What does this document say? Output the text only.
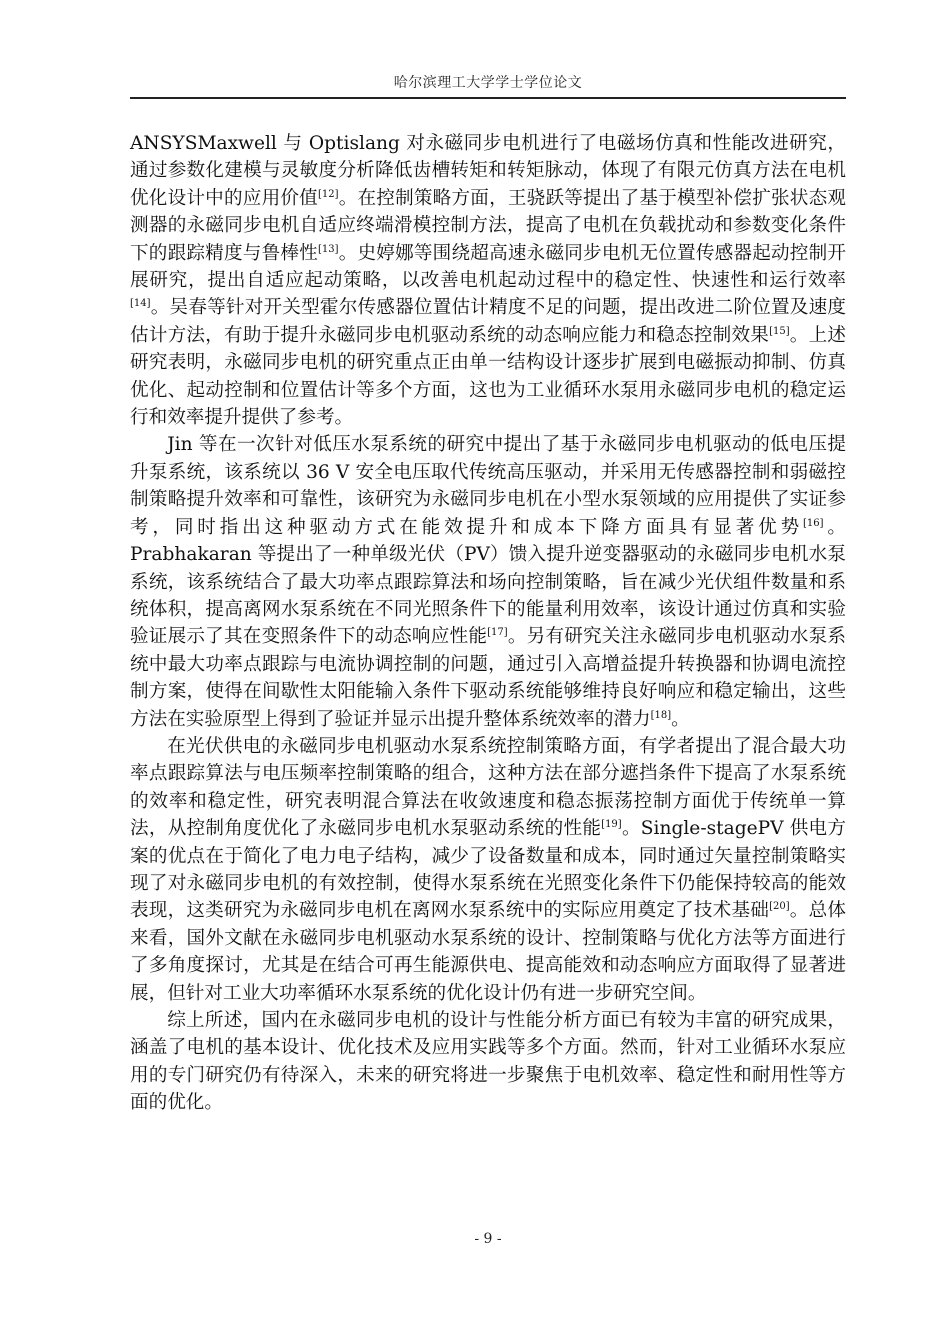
哈尔滨理工大学学士学位论文

ANSYSMaxwell 与 Optislang 对永磁同步电机进行了电磁场仿真和性能改进研究，通过参数化建模与灵敏度分析降低齿槽转矩和转矩脉动，体现了有限元仿真方法在电机优化设计中的应用价值[12]。在控制策略方面，王骁跃等提出了基于模型补偿扩张状态观测器的永磁同步电机自适应终端滑模控制方法，提高了电机在负载扰动和参数变化条件下的跟踪精度与鲁棒性[13]。史婷娜等围绕超高速永磁同步电机无位置传感器起动控制开展研究，提出自适应起动策略，以改善电机起动过程中的稳定性、快速性和运行效率[14]。吴春等针对开关型霍尔传感器位置估计精度不足的问题，提出改进二阶位置及速度估计方法，有助于提升永磁同步电机驱动系统的动态响应能力和稳态控制效果[15]。上述研究表明，永磁同步电机的研究重点正由单一结构设计逐步扩展到电磁振动抑制、仿真优化、起动控制和位置估计等多个方面，这也为工业循环水泵用永磁同步电机的稳定运行和效率提升提供了参考。

Jin 等在一次针对低压水泵系统的研究中提出了基于永磁同步电机驱动的低电压提升泵系统，该系统以 36 V 安全电压取代传统高压驱动，并采用无传感器控制和弱磁控制策略提升效率和可靠性，该研究为永磁同步电机在小型水泵领域的应用提供了实证参考，同时指出这种驱动方式在能效提升和成本下降方面具有显著优势[16]。Prabhakaran 等提出了一种单级光伏（PV）馈入提升逆变器驱动的永磁同步电机水泵系统，该系统结合了最大功率点跟踪算法和场向控制策略，旨在减少光伏组件数量和系统体积，提高离网水泵系统在不同光照条件下的能量利用效率，该设计通过仿真和实验验证展示了其在变照条件下的动态响应性能[17]。另有研究关注永磁同步电机驱动水泵系统中最大功率点跟踪与电流协调控制的问题，通过引入高增益提升转换器和协调电流控制方案，使得在间歇性太阳能输入条件下驱动系统能够维持良好响应和稳定输出，这些方法在实验原型上得到了验证并显示出提升整体系统效率的潜力[18]。

在光伏供电的永磁同步电机驱动水泵系统控制策略方面，有学者提出了混合最大功率点跟踪算法与电压频率控制策略的组合，这种方法在部分遮挡条件下提高了水泵系统的效率和稳定性，研究表明混合算法在收敛速度和稳态振荡控制方面优于传统单一算法，从控制角度优化了永磁同步电机水泵驱动系统的性能[19]。Single-stagePV 供电方案的优点在于简化了电力电子结构，减少了设备数量和成本，同时通过矢量控制策略实现了对永磁同步电机的有效控制，使得水泵系统在光照变化条件下仍能保持较高的能效表现，这类研究为永磁同步电机在离网水泵系统中的实际应用奠定了技术基础[20]。总体来看，国外文献在永磁同步电机驱动水泵系统的设计、控制策略与优化方法等方面进行了多角度探讨，尤其是在结合可再生能源供电、提高能效和动态响应方面取得了显著进展，但针对工业大功率循环水泵系统的优化设计仍有进一步研究空间。

综上所述，国内在永磁同步电机的设计与性能分析方面已有较为丰富的研究成果，涵盖了电机的基本设计、优化技术及应用实践等多个方面。然而，针对工业循环水泵应用的专门研究仍有待深入，未来的研究将进一步聚焦于电机效率、稳定性和耐用性等方面的优化。

- 9 -
